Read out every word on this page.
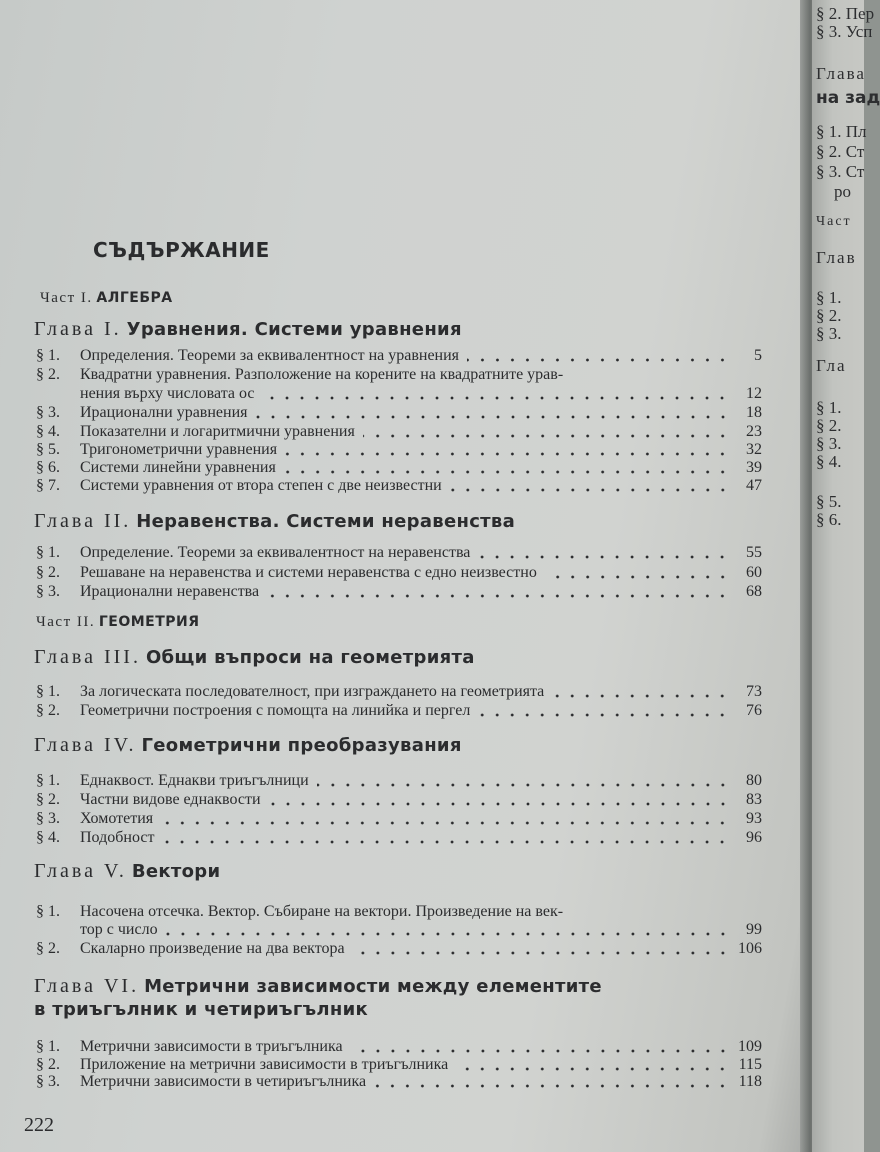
СЪДЪРЖАНИЕ
Част I. АЛГЕБРА
Глава I. Уравнения. Системи уравнения
§ 1.	Определения. Теореми за еквивалентност на уравнения	5
§ 2.	Квадратни уравнения. Разположение на корените на квадратните урав-
нения върху числовата ос	12
§ 3.	Ирационални уравнения	18
§ 4.	Показателни и логаритмични уравнения	23
§ 5.	Тригонометрични уравнения	32
§ 6.	Системи линейни уравнения	39
§ 7.	Системи уравнения от втора степен с две неизвестни	47
Глава II. Неравенства. Системи неравенства
§ 1.	Определение. Теореми за еквивалентност на неравенства	55
§ 2.	Решаване на неравенства и системи неравенства с едно неизвестно	60
§ 3.	Ирационални неравенства	68
Част II. ГЕОМЕТРИЯ
Глава III. Общи въпроси на геометрията
§ 1.	За логическата последователност, при изграждането на геометрията	73
§ 2.	Геометрични построения с помощта на линийка и пергел	76
Глава IV. Геометрични преобразувания
§ 1.	Еднаквост. Еднакви триъгълници	80
§ 2.	Частни видове еднаквости	83
§ 3.	Хомотетия	93
§ 4.	Подобност	96
Глава V. Вектори
§ 1.	Насочена отсечка. Вектор. Събиране на вектори. Произведение на век-
тор с число	99
§ 2.	Скаларно произведение на два вектора	106
Глава VI. Метрични зависимости между елементите
в триъгълник и четириъгълник
§ 1.	Метрични зависимости в триъгълника	109
§ 2.	Приложение на метрични зависимости в триъгълника	115
§ 3.	Метрични зависимости в четириъгълника	118
222
§ 2. Пер
§ 3. Усп
Глава
на зад
§ 1. Пл
§ 2. Ст
§ 3. Ст
ро
Част
Глав
§ 1.
§ 2.
§ 3.
Гла
§ 1.
§ 2.
§ 3.
§ 4.
§ 5.
§ 6.
